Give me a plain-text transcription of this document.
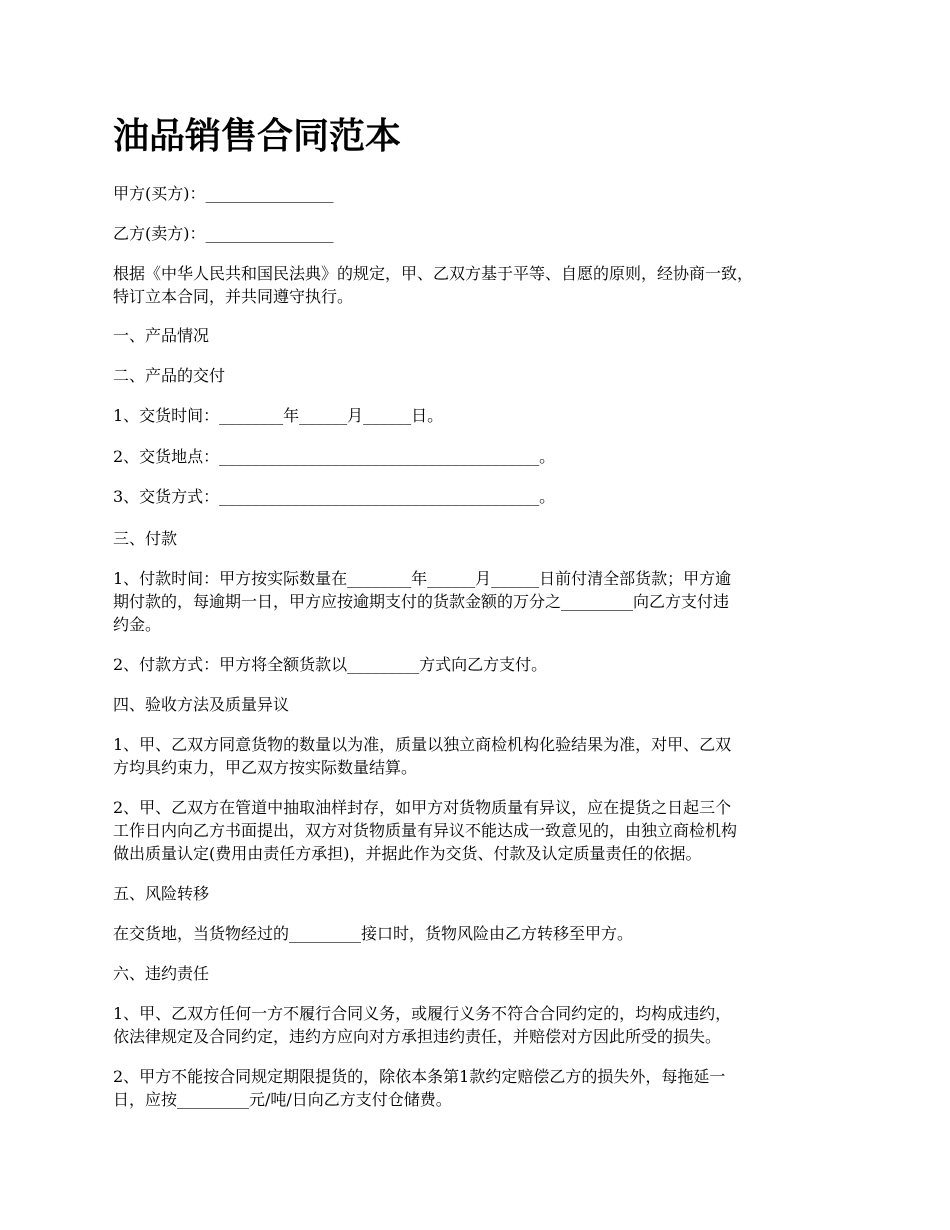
油品销售合同范本

甲方(买方)：________________

乙方(卖方)：________________

根据《中华人民共和国民法典》的规定，甲、乙双方基于平等、自愿的原则，经协商一致，

特订立本合同，并共同遵守执行。

一、产品情况

二、产品的交付

1、交货时间：________年______月______日。

2、交货地点：________________________________________。

3、交货方式：________________________________________。

三、付款

1、付款时间：甲方按实际数量在________年______月______日前付清全部货款；甲方逾

期付款的，每逾期一日，甲方应按逾期支付的货款金额的万分之_________向乙方支付违

约金。

2、付款方式：甲方将全额货款以_________方式向乙方支付。

四、验收方法及质量异议

1、甲、乙双方同意货物的数量以为准，质量以独立商检机构化验结果为准，对甲、乙双

方均具约束力，甲乙双方按实际数量结算。

2、甲、乙双方在管道中抽取油样封存，如甲方对货物质量有异议，应在提货之日起三个

工作日内向乙方书面提出，双方对货物质量有异议不能达成一致意见的，由独立商检机构

做出质量认定(费用由责任方承担)，并据此作为交货、付款及认定质量责任的依据。

五、风险转移

在交货地，当货物经过的_________接口时，货物风险由乙方转移至甲方。

六、违约责任

1、甲、乙双方任何一方不履行合同义务，或履行义务不符合合同约定的，均构成违约，

依法律规定及合同约定，违约方应向对方承担违约责任，并赔偿对方因此所受的损失。

2、甲方不能按合同规定期限提货的，除依本条第1款约定赔偿乙方的损失外，每拖延一

日，应按_________元/吨/日向乙方支付仓储费。
